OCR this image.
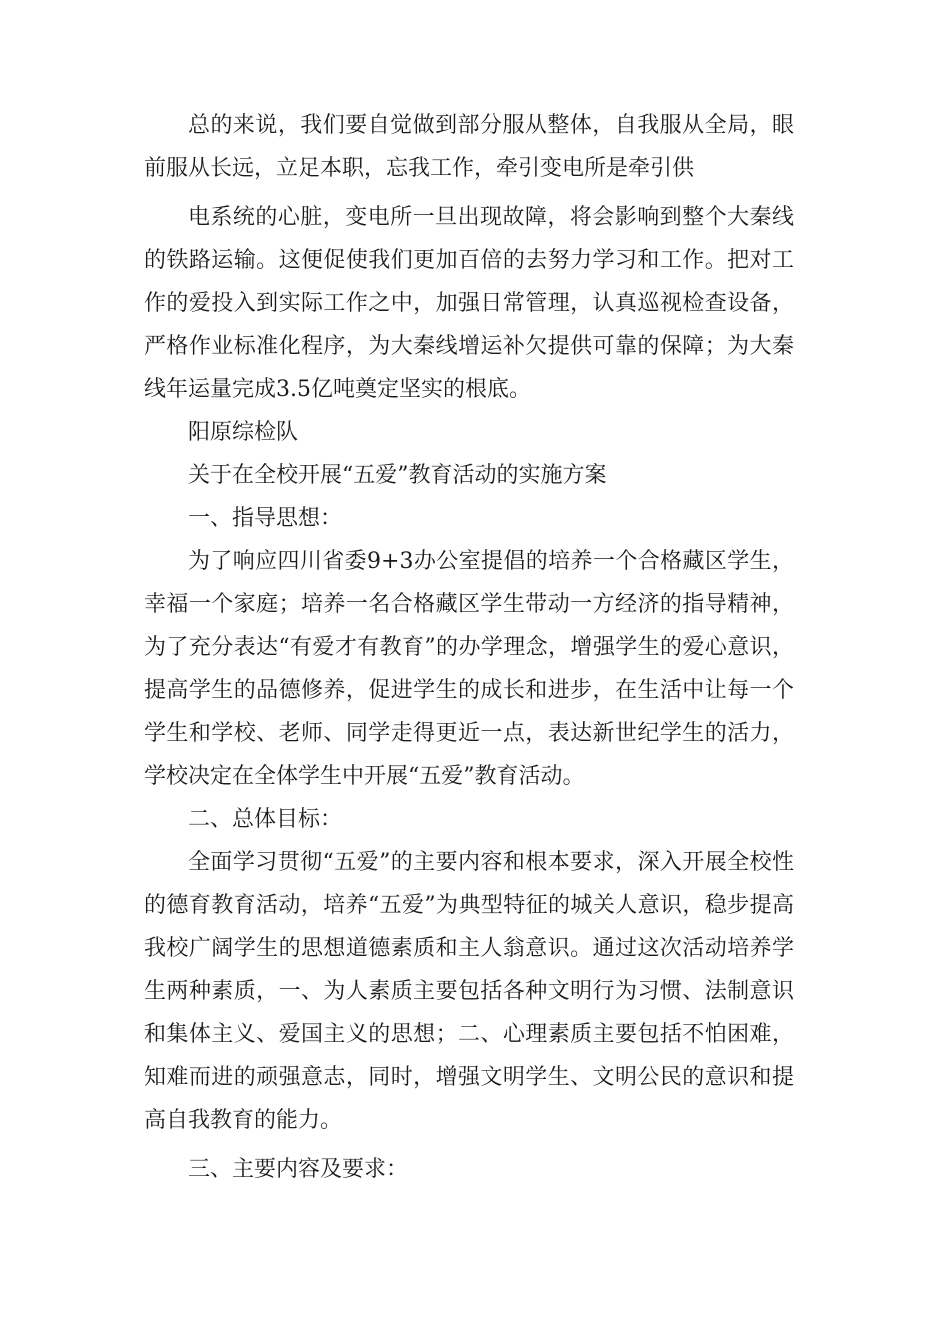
总的来说，我们要自觉做到部分服从整体，自我服从全局，眼前服从长远，立足本职，忘我工作，牵引变电所是牵引供

电系统的心脏，变电所一旦出现故障，将会影响到整个大秦线的铁路运输。这便促使我们更加百倍的去努力学习和工作。把对工作的爱投入到实际工作之中，加强日常管理，认真巡视检查设备，严格作业标准化程序，为大秦线增运补欠提供可靠的保障；为大秦线年运量完成3.5亿吨奠定坚实的根底。

阳原综检队

关于在全校开展“五爱”教育活动的实施方案

一、指导思想：

为了响应四川省委9+3办公室提倡的培养一个合格藏区学生，幸福一个家庭；培养一名合格藏区学生带动一方经济的指导精神，为了充分表达“有爱才有教育”的办学理念，增强学生的爱心意识，提高学生的品德修养，促进学生的成长和进步，在生活中让每一个学生和学校、老师、同学走得更近一点，表达新世纪学生的活力，学校决定在全体学生中开展“五爱”教育活动。

二、总体目标：

全面学习贯彻“五爱”的主要内容和根本要求，深入开展全校性的德育教育活动，培养“五爱”为典型特征的城关人意识，稳步提高我校广阔学生的思想道德素质和主人翁意识。通过这次活动培养学生两种素质，一、为人素质主要包括各种文明行为习惯、法制意识和集体主义、爱国主义的思想；二、心理素质主要包括不怕困难，知难而进的顽强意志，同时，增强文明学生、文明公民的意识和提高自我教育的能力。

三、主要内容及要求：
